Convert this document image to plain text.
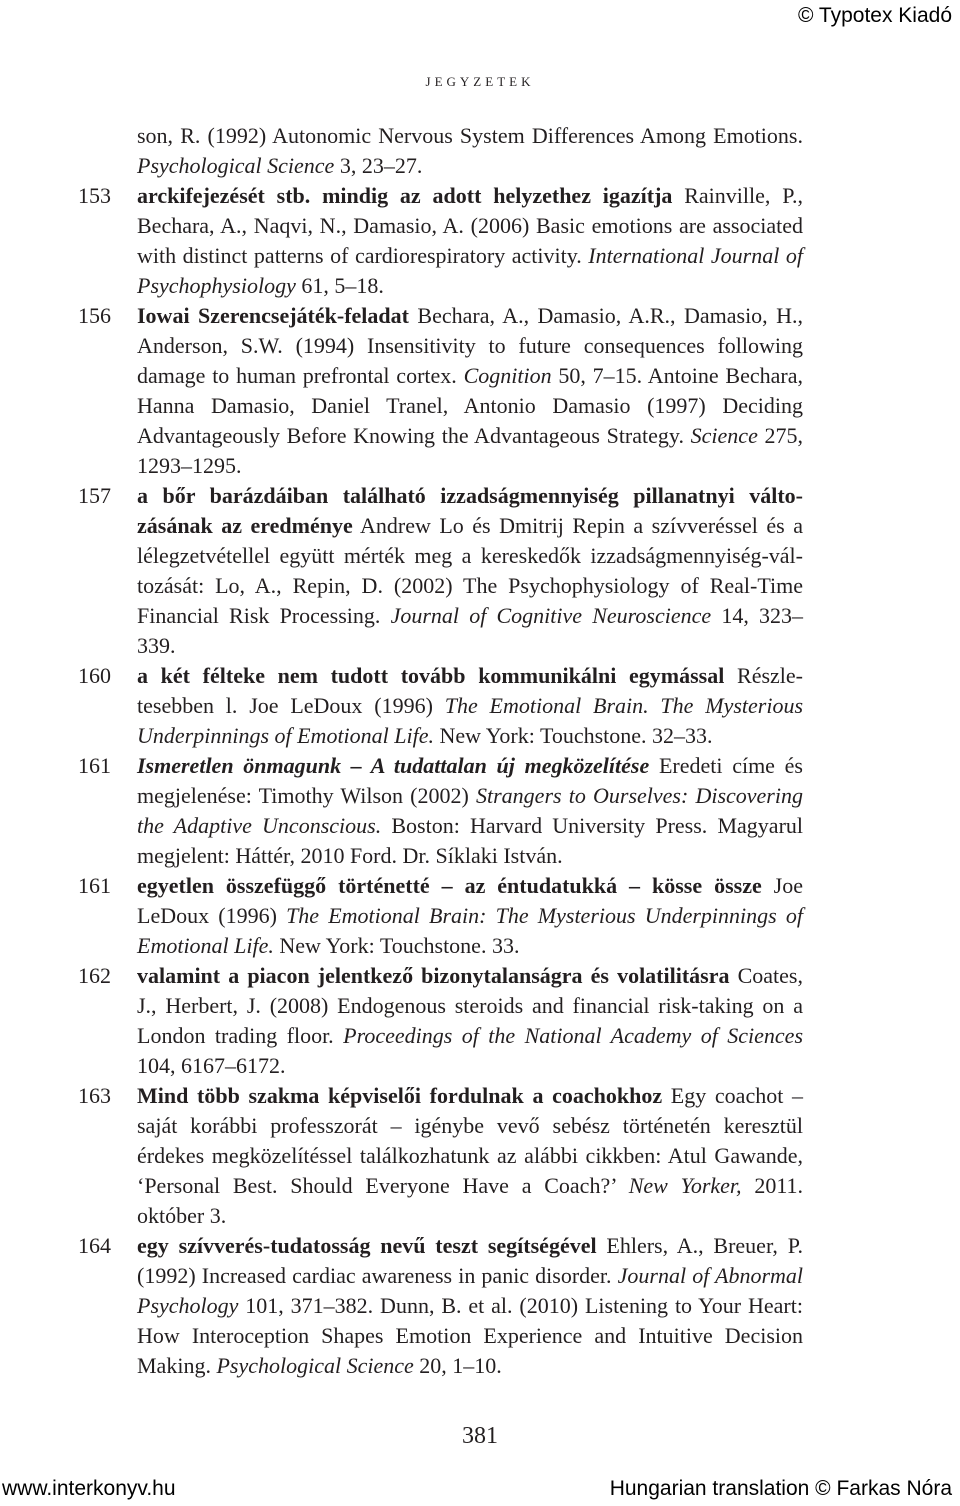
© Typotex Kiadó
jegyzetek
son, R. (1992) Autonomic Nervous System Differences Among Emotions. Psychological Science 3, 23–27.
153	arckifejezését stb. mindig az adott helyzethez igazítja Rainville, P., Bechara, A., Naqvi, N., Damasio, A. (2006) Basic emotions are associated with distinct patterns of cardiorespiratory activity. International Journal of Psychophysiology 61, 5–18.
156	Iowai Szerencsejáték-feladat Bechara, A., Damasio, A.R., Damasio, H., Anderson, S.W. (1994) Insensitivity to future consequences following damage to human prefrontal cortex. Cognition 50, 7–15. Antoine Bechara, Hanna Damasio, Daniel Tranel, Antonio Damasio (1997) Deciding Advantageously Before Knowing the Advantageous Strategy. Science 275, 1293–1295.
157	a bőr barázdáiban található izzadságmennyiség pillanatnyi változásának az eredménye Andrew Lo és Dmitrij Repin a szívveréssel és a lélegzetvétellel együtt mérték meg a kereskedők izzadságmennyiség-változását: Lo, A., Repin, D. (2002) The Psychophysiology of Real-Time Financial Risk Processing. Journal of Cognitive Neuroscience 14, 323–339.
160	a két félteke nem tudott tovább kommunikálni egymással Részletesebben l. Joe LeDoux (1996) The Emotional Brain. The Mysterious Underpinnings of Emotional Life. New York: Touchstone. 32–33.
161	Ismeretlen önmagunk – A tudattalan új megközelítése Eredeti címe és megjelenése: Timothy Wilson (2002) Strangers to Ourselves: Discovering the Adaptive Unconscious. Boston: Harvard University Press. Magyarul megjelent: Háttér, 2010 Ford. Dr. Síklaki István.
161	egyetlen összefüggő történetté – az éntudatukká – kösse össze Joe LeDoux (1996) The Emotional Brain: The Mysterious Underpinnings of Emotional Life. New York: Touchstone. 33.
162	valamint a piacon jelentkező bizonytalanságra és volatilitásra Coates, J., Herbert, J. (2008) Endogenous steroids and financial risk-taking on a London trading floor. Proceedings of the National Academy of Sciences 104, 6167–6172.
163	Mind több szakma képviselői fordulnak a coachokhoz Egy coachot – saját korábbi professzorát – igénybe vevő sebész történetén keresztül érdekes megközelítéssel találkozhatunk az alábbi cikkben: Atul Gawande, ‘Personal Best. Should Everyone Have a Coach?’ New Yorker, 2011. október 3.
164	egy szívverés-tudatosság nevű teszt segítségével Ehlers, A., Breuer, P. (1992) Increased cardiac awareness in panic disorder. Journal of Abnormal Psychology 101, 371–382. Dunn, B. et al. (2010) Listening to Your Heart: How Interoception Shapes Emotion Experience and Intuitive Decision Making. Psychological Science 20, 1–10.
381
www.interkonyv.hu	Hungarian translation © Farkas Nóra
